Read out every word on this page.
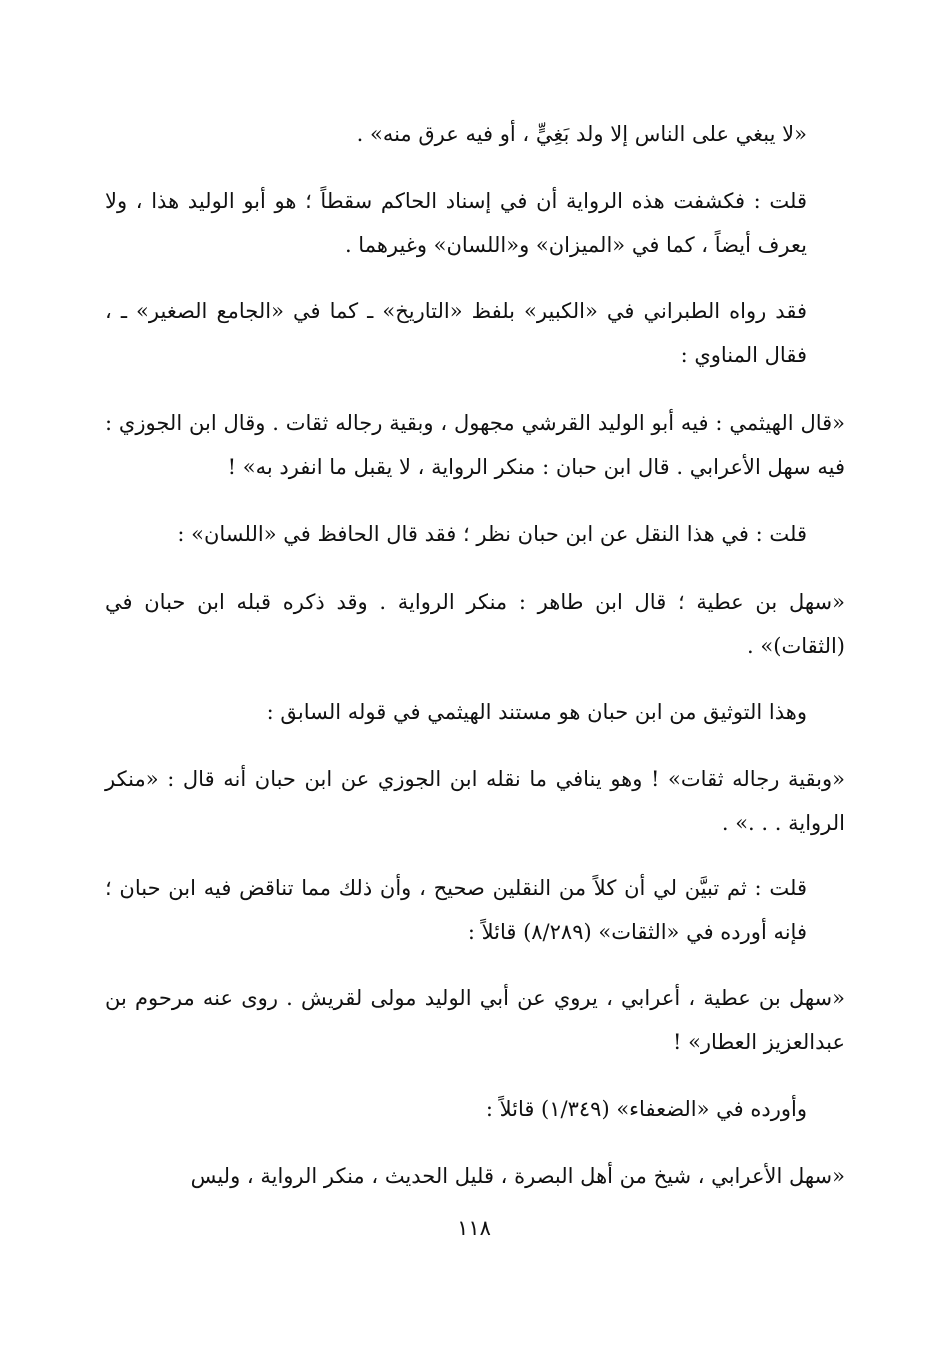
«لا يبغي على الناس إلا ولد بَغِيٍّ ، أو فيه عرق منه» .

قلت : فكشفت هذه الرواية أن في إسناد الحاكم سقطاً ؛ هو أبو الوليد هذا ، ولا يعرف أيضاً ، كما في «الميزان» و«اللسان» وغيرهما .

فقد رواه الطبراني في «الكبير» بلفظ «التاريخ» ـ كما في «الجامع الصغير» ـ ، فقال المناوي :

«قال الهيثمي : فيه أبو الوليد القرشي مجهول ، وبقية رجاله ثقات . وقال ابن الجوزي : فيه سهل الأعرابي . قال ابن حبان : منكر الرواية ، لا يقبل ما انفرد به» !

قلت : في هذا النقل عن ابن حبان نظر ؛ فقد قال الحافظ في «اللسان» :

«سهل بن عطية ؛ قال ابن طاهر : منكر الرواية . وقد ذكره قبله ابن حبان في (الثقات)» .

وهذا التوثيق من ابن حبان هو مستند الهيثمي في قوله السابق :

«وبقية رجاله ثقات» ! وهو ينافي ما نقله ابن الجوزي عن ابن حبان أنه قال : «منكر الرواية . . .» .

قلت : ثم تبيَّن لي أن كلاً من النقلين صحيح ، وأن ذلك مما تناقض فيه ابن حبان ؛ فإنه أورده في «الثقات» (٨/٢٨٩) قائلاً :

«سهل بن عطية ، أعرابي ، يروي عن أبي الوليد مولى لقريش . روى عنه مرحوم بن عبدالعزيز العطار» !

وأورده في «الضعفاء» (١/٣٤٩) قائلاً :

«سهل الأعرابي ، شيخ من أهل البصرة ، قليل الحديث ، منكر الرواية ، وليس

١١٨
